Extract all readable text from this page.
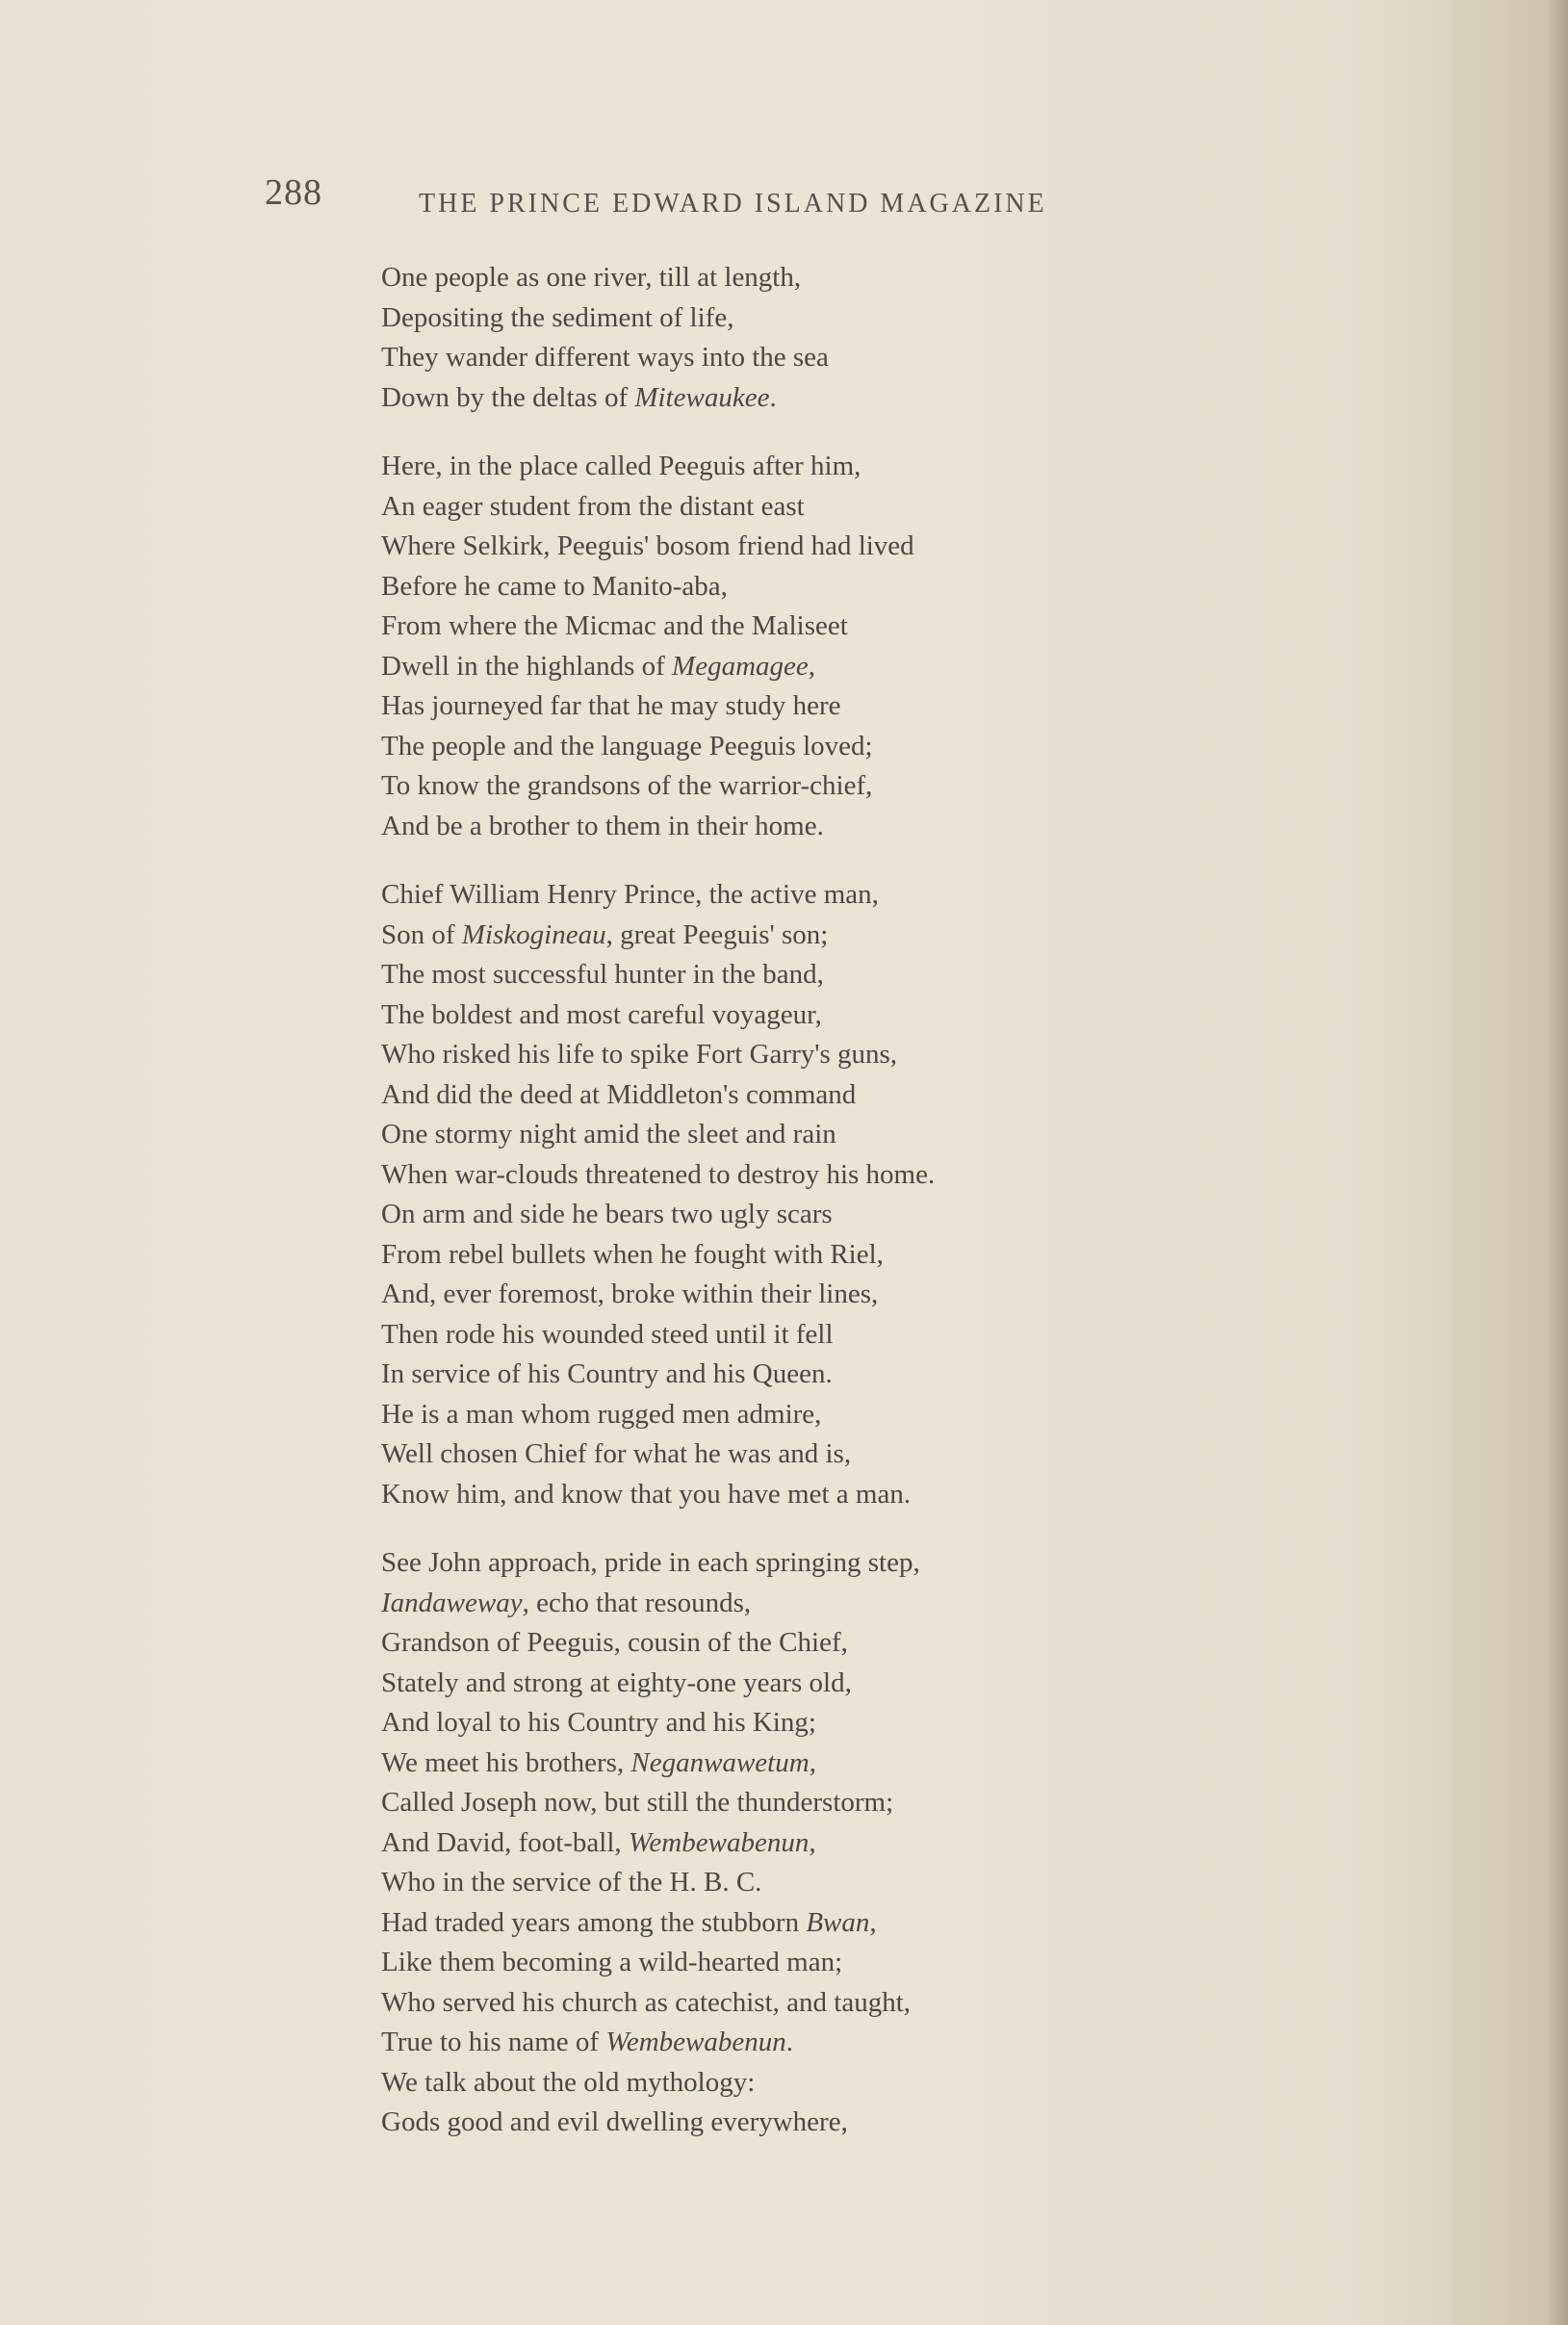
288	THE PRINCE EDWARD ISLAND MAGAZINE
One people as one river, till at length,
Depositing the sediment of life,
They wander different ways into the sea
Down by the deltas of Mitewaukee.
Here, in the place called Peeguis after him,
An eager student from the distant east
Where Selkirk, Peeguis' bosom friend had lived
Before he came to Manito-aba,
From where the Micmac and the Maliseet
Dwell in the highlands of Megamagee,
Has journeyed far that he may study here
The people and the language Peeguis loved;
To know the grandsons of the warrior-chief,
And be a brother to them in their home.
Chief William Henry Prince, the active man,
Son of Miskogineau, great Peeguis' son;
The most successful hunter in the band,
The boldest and most careful voyageur,
Who risked his life to spike Fort Garry's guns,
And did the deed at Middleton's command
One stormy night amid the sleet and rain
When war-clouds threatened to destroy his home.
On arm and side he bears two ugly scars
From rebel bullets when he fought with Riel,
And, ever foremost, broke within their lines,
Then rode his wounded steed until it fell
In service of his Country and his Queen.
He is a man whom rugged men admire,
Well chosen Chief for what he was and is,
Know him, and know that you have met a man.
See John approach, pride in each springing step,
Iandaweway, echo that resounds,
Grandson of Peeguis, cousin of the Chief,
Stately and strong at eighty-one years old,
And loyal to his Country and his King;
We meet his brothers, Neganwawetum,
Called Joseph now, but still the thunderstorm;
And David, foot-ball, Wembewabenun,
Who in the service of the H. B. C.
Had traded years among the stubborn Bwan,
Like them becoming a wild-hearted man;
Who served his church as catechist, and taught,
True to his name of Wembewabenun.
We talk about the old mythology:
Gods good and evil dwelling everywhere,
